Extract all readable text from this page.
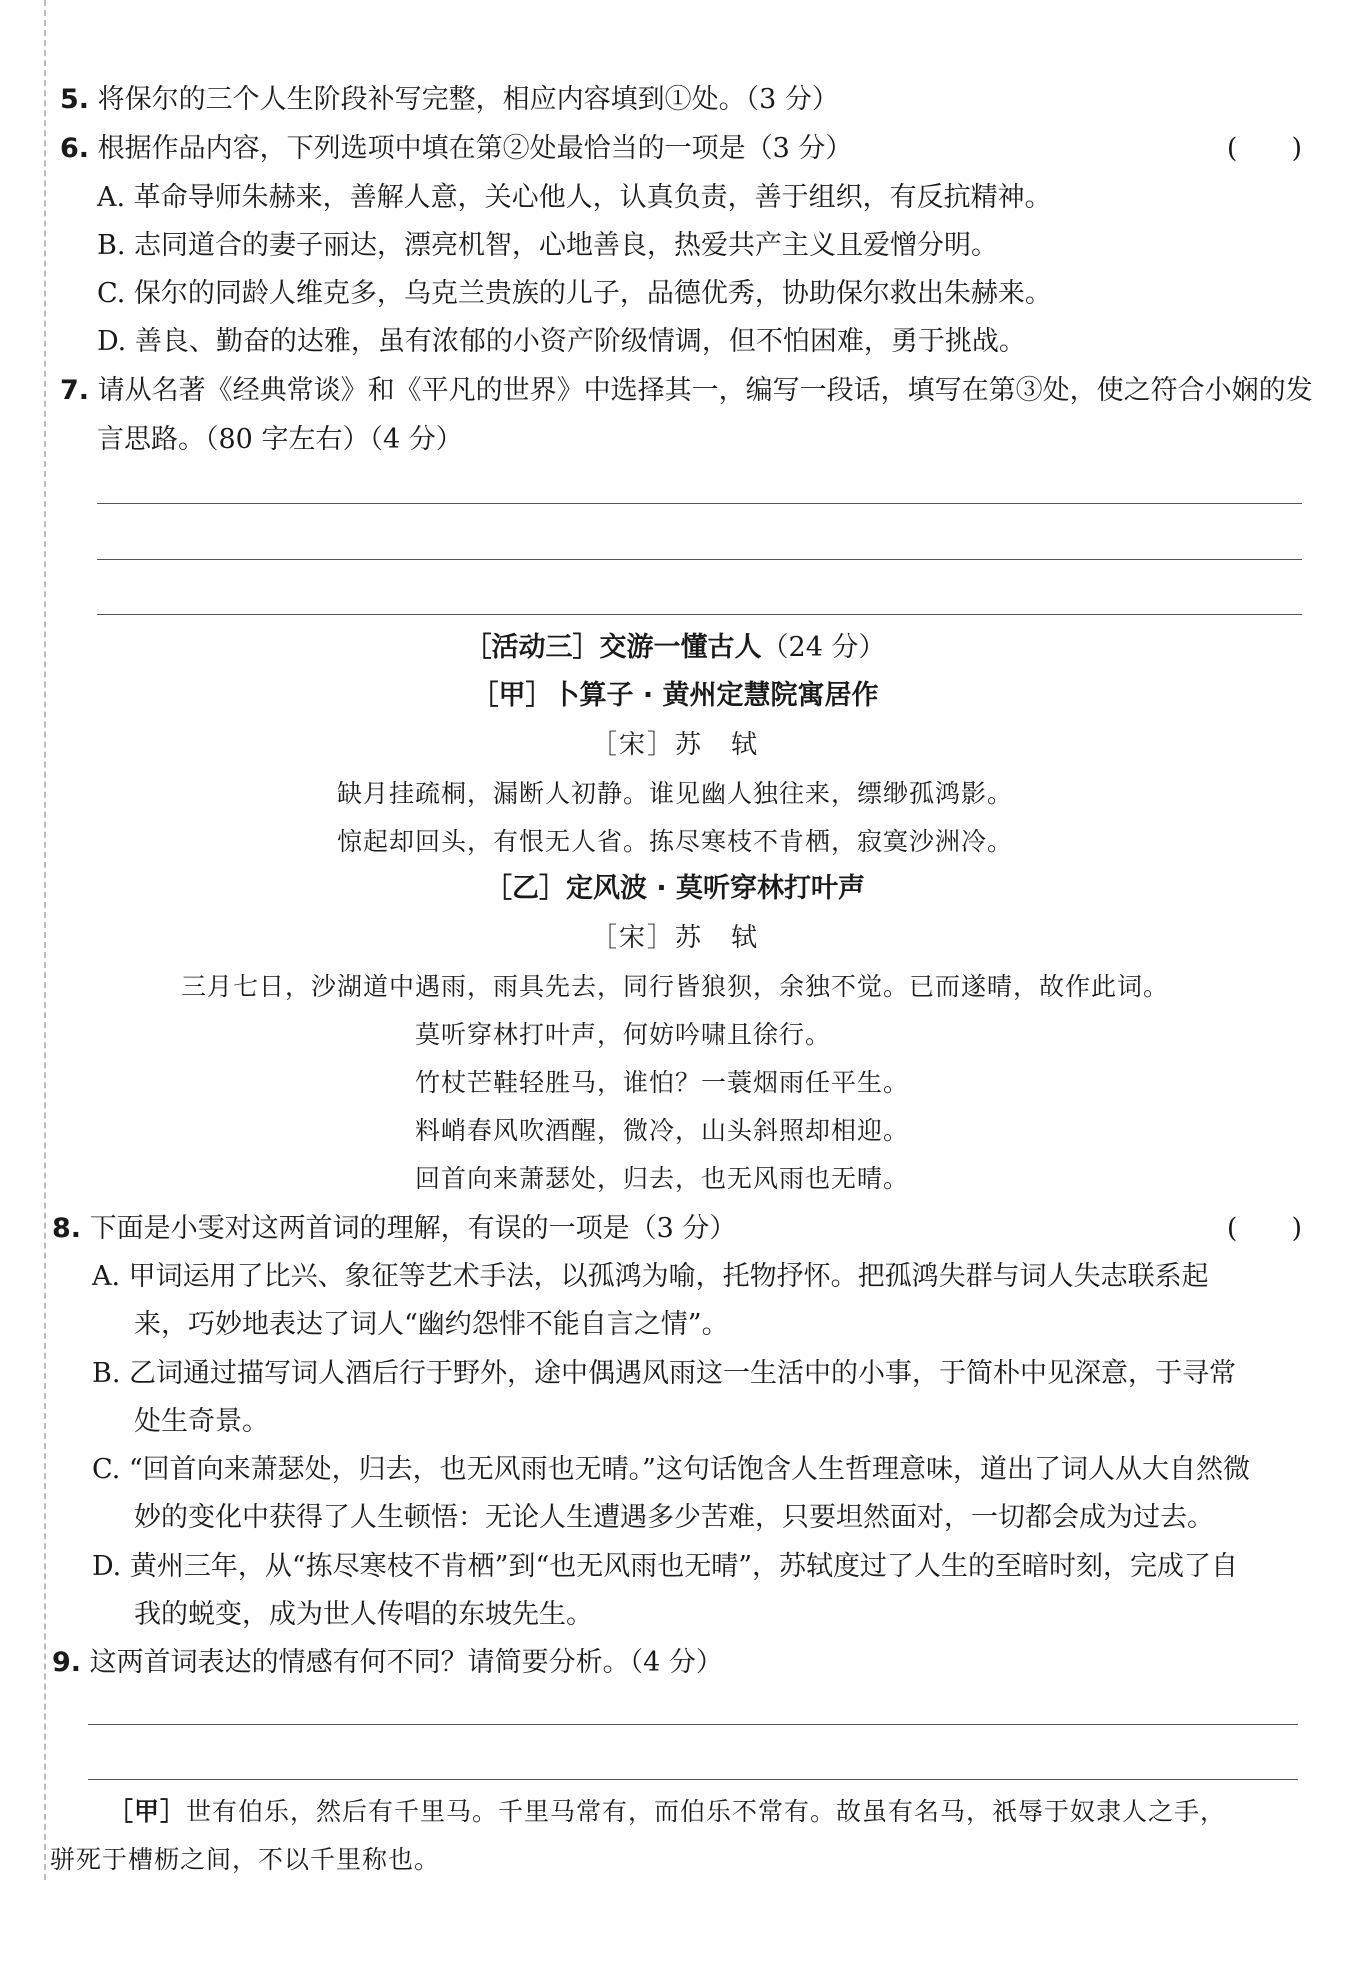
5. 将保尔的三个人生阶段补写完整，相应内容填到①处。（3 分）
6. 根据作品内容，下列选项中填在第②处最恰当的一项是（3 分）	(　　)
A. 革命导师朱赫来，善解人意，关心他人，认真负责，善于组织，有反抗精神。
B. 志同道合的妻子丽达，漂亮机智，心地善良，热爱共产主义且爱憎分明。
C. 保尔的同龄人维克多，乌克兰贵族的儿子，品德优秀，协助保尔救出朱赫来。
D. 善良、勤奋的达雅，虽有浓郁的小资产阶级情调，但不怕困难，勇于挑战。
7. 请从名著《经典常谈》和《平凡的世界》中选择其一，编写一段话，填写在第③处，使之符合小娴的发
言思路。（80 字左右）（4 分）
［活动三］交游一懂古人（24 分）
［甲］卜算子 · 黄州定慧院寓居作
［宋］苏　轼
缺月挂疏桐，漏断人初静。谁见幽人独往来，缥缈孤鸿影。
惊起却回头，有恨无人省。拣尽寒枝不肯栖，寂寞沙洲冷。
［乙］定风波 · 莫听穿林打叶声
［宋］苏　轼
三月七日，沙湖道中遇雨，雨具先去，同行皆狼狈，余独不觉。已而遂晴，故作此词。
莫听穿林打叶声，何妨吟啸且徐行。
竹杖芒鞋轻胜马，谁怕？一蓑烟雨任平生。
料峭春风吹酒醒，微冷，山头斜照却相迎。
回首向来萧瑟处，归去，也无风雨也无晴。
8. 下面是小雯对这两首词的理解，有误的一项是（3 分）	(　　)
A. 甲词运用了比兴、象征等艺术手法，以孤鸿为喻，托物抒怀。把孤鸿失群与词人失志联系起
来，巧妙地表达了词人“幽约怨悱不能自言之情”。
B. 乙词通过描写词人酒后行于野外，途中偶遇风雨这一生活中的小事，于简朴中见深意，于寻常
处生奇景。
C. “回首向来萧瑟处，归去，也无风雨也无晴。”这句话饱含人生哲理意味，道出了词人从大自然微
妙的变化中获得了人生顿悟：无论人生遭遇多少苦难，只要坦然面对，一切都会成为过去。
D. 黄州三年，从“拣尽寒枝不肯栖”到“也无风雨也无晴”，苏轼度过了人生的至暗时刻，完成了自
我的蜕变，成为世人传唱的东坡先生。
9. 这两首词表达的情感有何不同？请简要分析。（4 分）
［甲］世有伯乐，然后有千里马。千里马常有，而伯乐不常有。故虽有名马，祇辱于奴隶人之手，
骈死于槽枥之间，不以千里称也。
